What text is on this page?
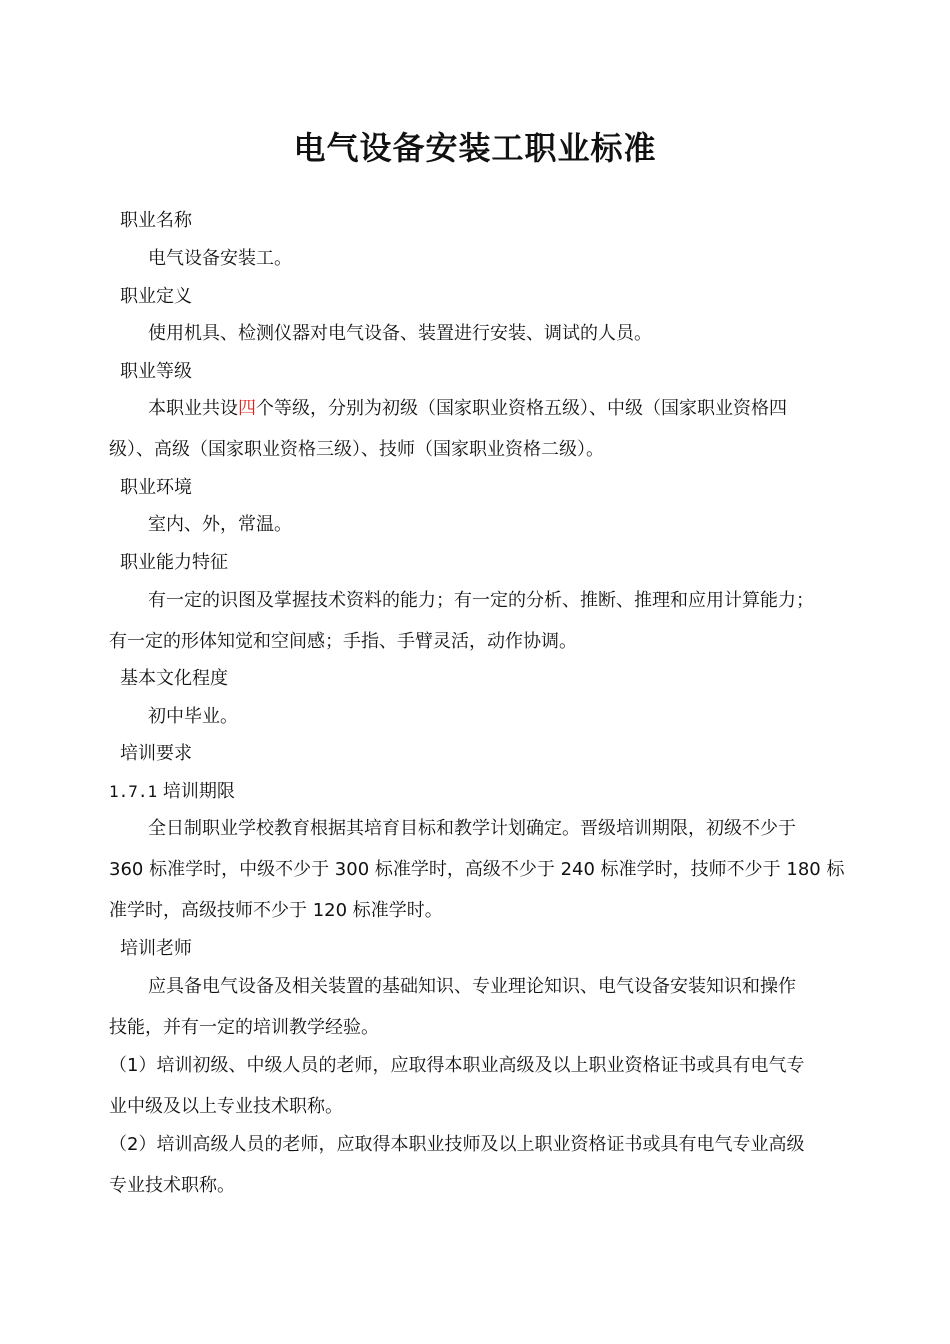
电气设备安装工职业标准
职业名称
电气设备安装工。
职业定义
使用机具、检测仪器对电气设备、装置进行安装、调试的人员。
职业等级
本职业共设四个等级，分别为初级（国家职业资格五级）、中级（国家职业资格四
级）、高级（国家职业资格三级）、技师（国家职业资格二级）。
职业环境
室内、外，常温。
职业能力特征
有一定的识图及掌握技术资料的能力；有一定的分析、推断、推理和应用计算能力；
有一定的形体知觉和空间感；手指、手臂灵活，动作协调。
基本文化程度
初中毕业。
培训要求
1.7.1 培训期限
全日制职业学校教育根据其培育目标和教学计划确定。晋级培训期限，初级不少于
360 标准学时，中级不少于 300 标准学时，高级不少于 240 标准学时，技师不少于 180 标
准学时，高级技师不少于 120 标准学时。
培训老师
应具备电气设备及相关装置的基础知识、专业理论知识、电气设备安装知识和操作
技能，并有一定的培训教学经验。
（1）培训初级、中级人员的老师，应取得本职业高级及以上职业资格证书或具有电气专
业中级及以上专业技术职称。
（2）培训高级人员的老师，应取得本职业技师及以上职业资格证书或具有电气专业高级
专业技术职称。
